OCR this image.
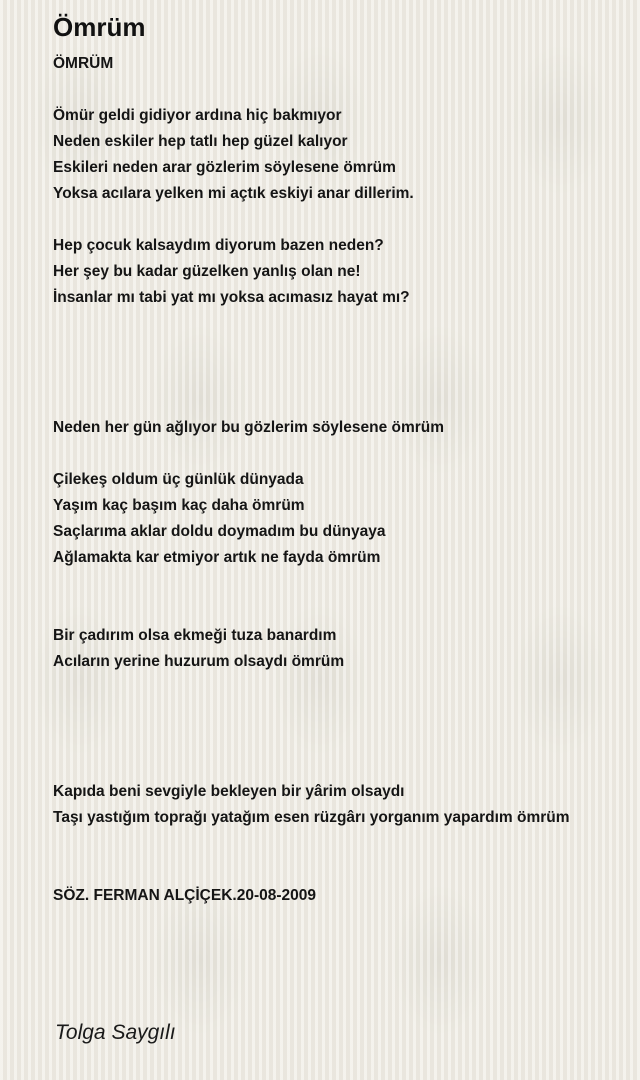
Ömrüm
ÖMRÜM
Ömür geldi gidiyor ardına hiç bakmıyor
Neden eskiler hep tatlı hep güzel kalıyor
Eskileri neden arar gözlerim söylesene ömrüm
Yoksa acılara yelken mi açtık eskiyi anar dillerim.
Hep çocuk kalsaydım diyorum bazen neden?
Her şey bu kadar güzelken yanlış olan ne!
İnsanlar mı tabi yat mı yoksa acımasız hayat mı?
Neden her gün ağlıyor bu gözlerim söylesene ömrüm
Çilekeş oldum üç günlük dünyada
Yaşım kaç başım kaç daha ömrüm
Saçlarıma aklar doldu doymadım bu dünyaya
Ağlamakta kar etmiyor artık ne fayda ömrüm
Bir çadırım olsa ekmeği tuza banardım
Acıların yerine huzurum olsaydı ömrüm
Kapıda beni sevgiyle bekleyen bir yârim olsaydı
Taşı yastığım toprağı yatağım esen rüzgârı yorganım yapardım ömrüm
SÖZ. FERMAN ALÇİÇEK.20-08-2009
Tolga Saygılı
